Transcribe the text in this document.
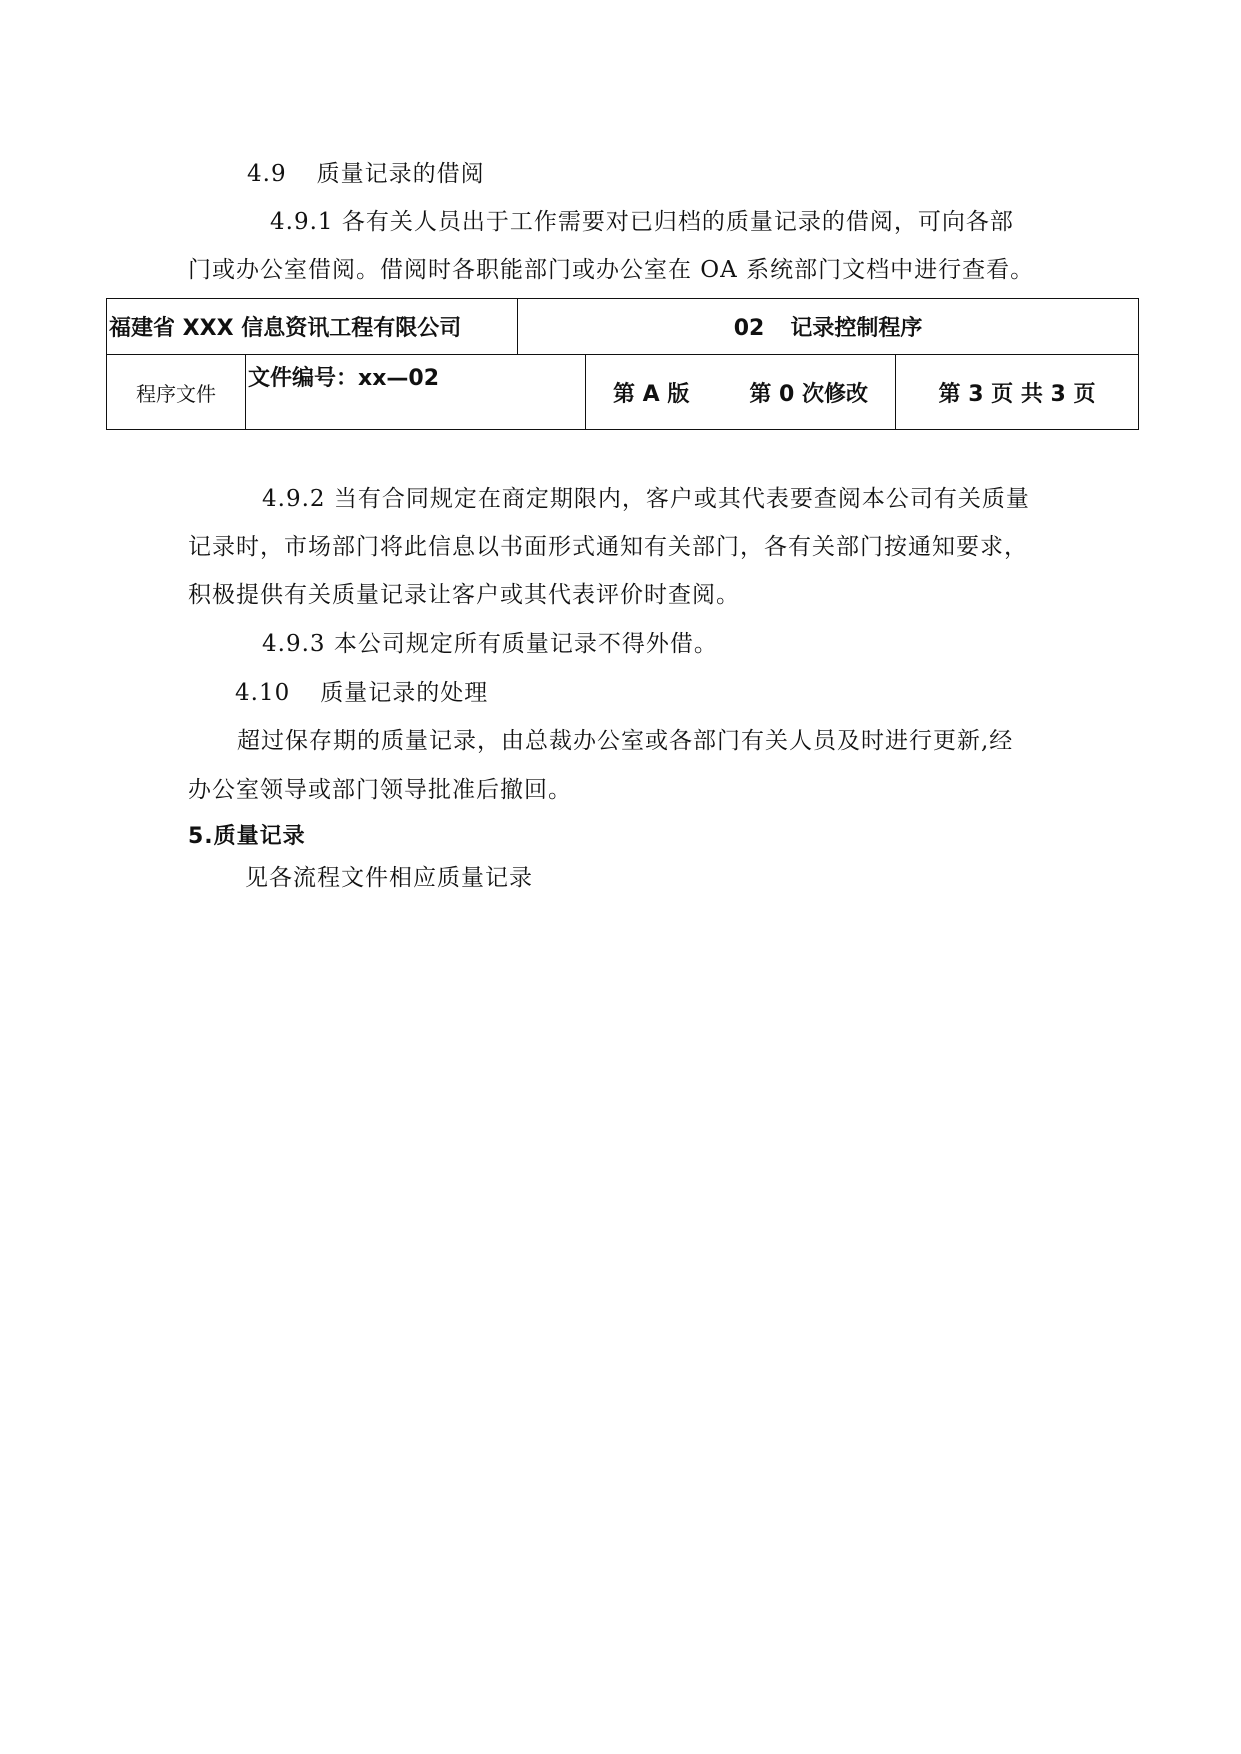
4.9 质量记录的借阅
4.9.1 各有关人员出于工作需要对已归档的质量记录的借阅，可向各部
门或办公室借阅。借阅时各职能部门或办公室在 OA 系统部门文档中进行查看。
福建省 XXX 信息资讯工程有限公司		02 记录控制程序		
程序文件	文件编号：xx—02		第 A 版 第 0 次修改	第 3 页 共 3 页
4.9.2 当有合同规定在商定期限内，客户或其代表要查阅本公司有关质量
记录时，市场部门将此信息以书面形式通知有关部门，各有关部门按通知要求，
积极提供有关质量记录让客户或其代表评价时查阅。
4.9.3 本公司规定所有质量记录不得外借。
4.10 质量记录的处理
超过保存期的质量记录，由总裁办公室或各部门有关人员及时进行更新,经
办公室领导或部门领导批准后撤回。
5.质量记录
见各流程文件相应质量记录
